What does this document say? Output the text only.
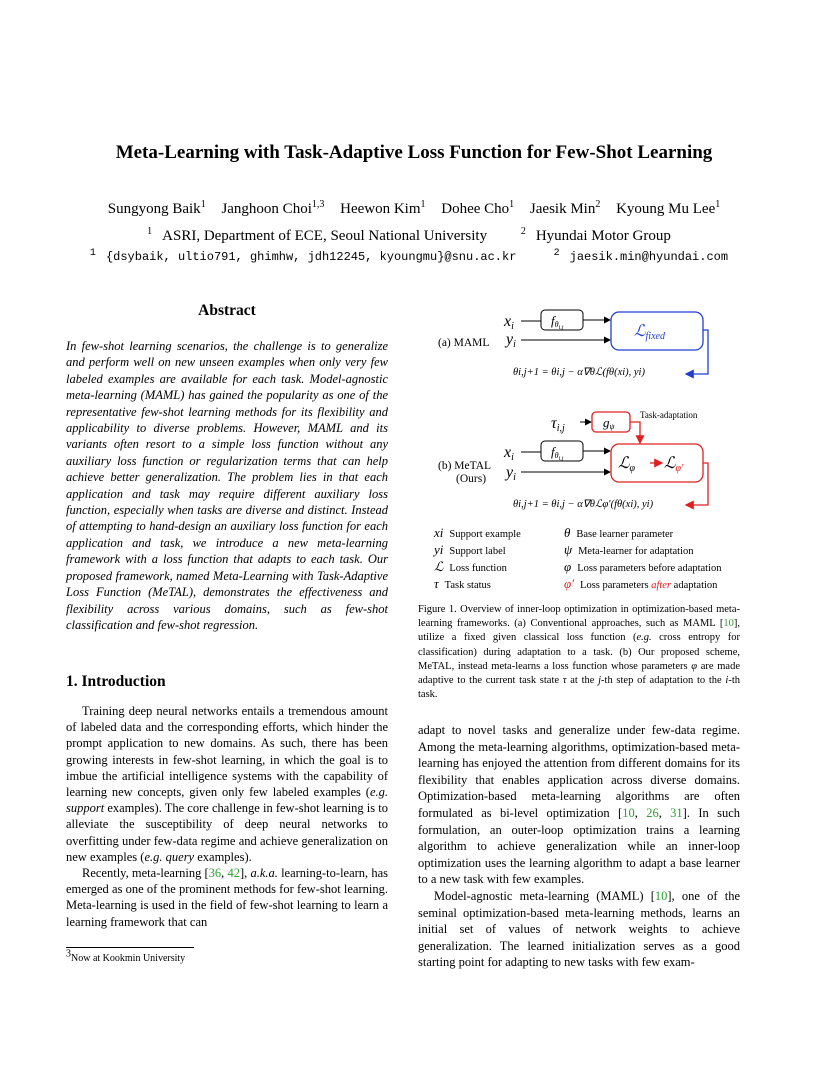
Meta-Learning with Task-Adaptive Loss Function for Few-Shot Learning
Sungyong Baik$^1$ Janghoon Choi$^{1,3}$ Heewon Kim$^1$ Dohee Cho$^1$ Jaesik Min$^2$ Kyoung Mu Lee$^1$
$^1$ ASRI, Department of ECE, Seoul National University	$^2$ Hyundai Motor Group
$^1$ {dsybaik, ultio791, ghimhw, jdh12245, kyoungmu}@snu.ac.kr	$^2$ jaesik.min@hyundai.com
Abstract
In few-shot learning scenarios, the challenge is to generalize and perform well on new unseen examples when only very few labeled examples are available for each task. Model-agnostic meta-learning (MAML) has gained the popularity as one of the representative few-shot learning methods for its flexibility and applicability to diverse problems. However, MAML and its variants often resort to a simple loss function without any auxiliary loss function or regularization terms that can help achieve better generalization. The problem lies in that each application and task may require different auxiliary loss function, especially when tasks are diverse and distinct. Instead of attempting to hand-design an auxiliary loss function for each application and task, we introduce a new meta-learning framework with a loss function that adapts to each task. Our proposed framework, named Meta-Learning with Task-Adaptive Loss Function (MeTAL), demonstrates the effectiveness and flexibility across various domains, such as few-shot classification and few-shot regression.
1. Introduction

Training deep neural networks entails a tremendous amount of labeled data and the corresponding efforts, which hinder the prompt application to new domains. As such, there has been growing interests in few-shot learning, in which the goal is to imbue the artificial intelligence systems with the capability of learning new concepts, given only few labeled examples (e.g. support examples). The core challenge in few-shot learning is to alleviate the susceptibility of deep neural networks to overfitting under few-data regime and achieve generalization on new examples (e.g. query examples).

Recently, meta-learning [36, 42], a.k.a. learning-to-learn, has emerged as one of the prominent methods for few-shot learning. Meta-learning is used in the field of few-shot learning to learn a learning framework that can

$^3$Now at Kookmin University
(a) MAML
xi
yi
fθi,j	ℒfixed
θi,j+1 = θi,j − α∇θℒ(fθ(xi), yi)
τi,j	gψ
Task-adaptation
(b) MeTAL
(Ours)
xi
yi
fθi,j	ℒφ ℒφ′
θi,j+1 = θi,j − α∇θℒφ′(fθ(xi), yi)
xi Support example
yi Support label
ℒ Loss function
τ Task status
θ Base learner parameter
ψ Meta-learner for adaptation
φ Loss parameters before adaptation
φ′ Loss parameters after adaptation
Figure 1. Overview of inner-loop optimization in optimization-based meta-learning frameworks. (a) Conventional approaches, such as MAML [10], utilize a fixed given classical loss function (e.g. cross entropy for classification) during adaptation to a task. (b) Our proposed scheme, MeTAL, instead meta-learns a loss function whose parameters φ are made adaptive to the current task state τ at the j-th step of adaptation to the i-th task.

adapt to novel tasks and generalize under few-data regime. Among the meta-learning algorithms, optimization-based meta-learning has enjoyed the attention from different domains for its flexibility that enables application across diverse domains. Optimization-based meta-learning algorithms are often formulated as bi-level optimization [10, 26, 31]. In such formulation, an outer-loop optimization trains a learning algorithm to achieve generalization while an inner-loop optimization uses the learning algorithm to adapt a base learner to a new task with few examples.

Model-agnostic meta-learning (MAML) [10], one of the seminal optimization-based meta-learning methods, learns an initial set of values of network weights to achieve generalization. The learned initialization serves as a good starting point for adapting to new tasks with few exam-
